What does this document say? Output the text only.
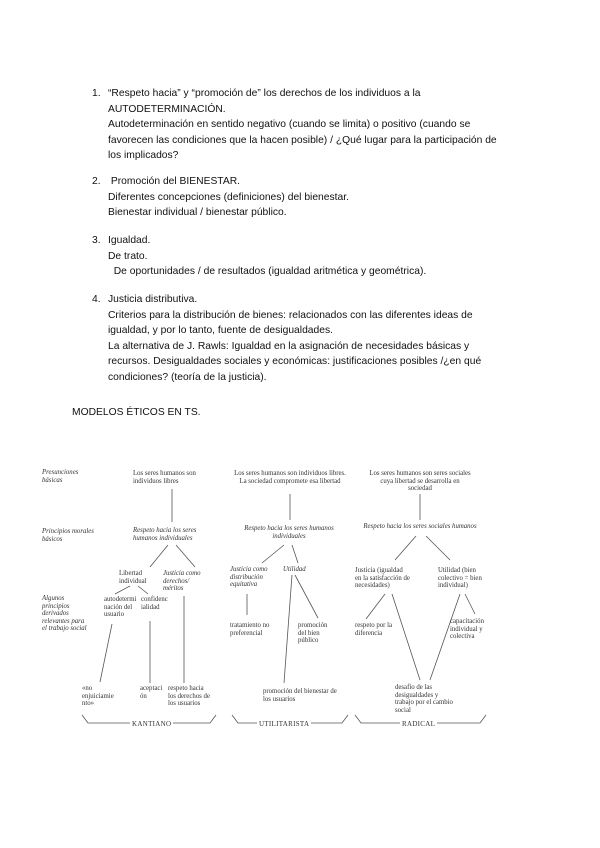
1. “Respeto hacia” y “promoción de” los derechos de los individuos a la
AUTODETERMINACIÓN.
Autodeterminación en sentido negativo (cuando se limita) o positivo (cuando se
favorecen las condiciones que la hacen posible) / ¿Qué lugar para la participación de
los implicados?
2. Promoción del BIENESTAR.
Diferentes concepciones (definiciones) del bienestar.
Bienestar individual / bienestar público.
3. Igualdad.
De trato.
De oportunidades / de resultados (igualdad aritmética y geométrica).
4. Justicia distributiva.
Criterios para la distribución de bienes: relacionados con las diferentes ideas de
igualdad, y por lo tanto, fuente de desigualdades.
La alternativa de J. Rawls: Igualdad en la asignación de necesidades básicas y
recursos. Desigualdades sociales y económicas: justificaciones posibles /¿en qué
condiciones? (teoría de la justicia).
MODELOS ÉTICOS EN TS.
Presunciones básicas
Principios morales básicos
Algunos principios derivados relevantes para el trabajo social
Los seres humanos son individuos libres
Respeto hacia los seres humanos individuales
Libertad individual
Justicia como derechos/ méritos
autodeterminación del usuario
confidencialidad
«no enjuiciamiento»
aceptación
respeto hacia los derechos de los usuarios
KANTIANO
Los seres humanos son individuos libres. La sociedad compromete esa libertad
Respeto hacia los seres humanos individuales
Justicia como distribución equitativa
Utilidad
tratamiento no preferencial
promoción del bien público
promoción del bienestar de los usuarios
UTILITARISTA
Los seres humanos son seres sociales cuya libertad se desarrolla en sociedad
Respeto hacia los seres sociales humanos
Justicia (igualdad en la satisfacción de necesidades)
Utilidad (bien colectivo = bien individual)
respeto por la diferencia
capacitación individual y colectiva
desafío de las desigualdades y trabajo por el cambio social
RADICAL
